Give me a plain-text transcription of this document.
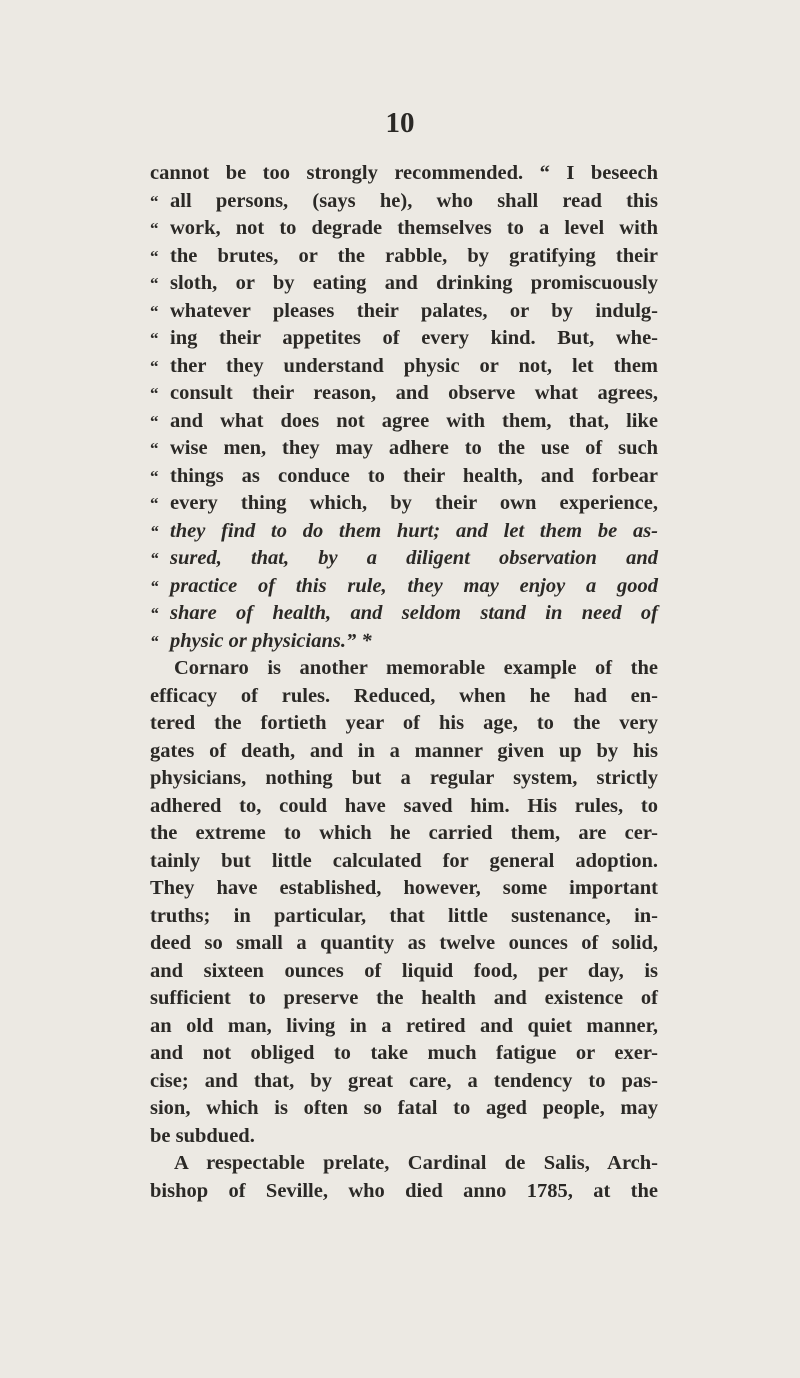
10
cannot be too strongly recommended. “ I beseech
“ all persons, (says he), who shall read this
“ work, not to degrade themselves to a level with
“ the brutes, or the rabble, by gratifying their
“ sloth, or by eating and drinking promiscuously
“ whatever pleases their palates, or by indulg-
“ ing their appetites of every kind. But, whe-
“ ther they understand physic or not, let them
“ consult their reason, and observe what agrees,
“ and what does not agree with them, that, like
“ wise men, they may adhere to the use of such
“ things as conduce to their health, and forbear
“ every thing which, by their own experience,
“ they find to do them hurt; and let them be as-
“ sured, that, by a diligent observation and
“ practice of this rule, they may enjoy a good
“ share of health, and seldom stand in need of
“ physic or physicians.” *
Cornaro is another memorable example of the
efficacy of rules. Reduced, when he had en-
tered the fortieth year of his age, to the very
gates of death, and in a manner given up by his
physicians, nothing but a regular system, strictly
adhered to, could have saved him. His rules, to
the extreme to which he carried them, are cer-
tainly but little calculated for general adoption.
They have established, however, some important
truths; in particular, that little sustenance, in-
deed so small a quantity as twelve ounces of solid,
and sixteen ounces of liquid food, per day, is
sufficient to preserve the health and existence of
an old man, living in a retired and quiet manner,
and not obliged to take much fatigue or exer-
cise; and that, by great care, a tendency to pas-
sion, which is often so fatal to aged people, may
be subdued.
A respectable prelate, Cardinal de Salis, Arch-
bishop of Seville, who died anno 1785, at the
